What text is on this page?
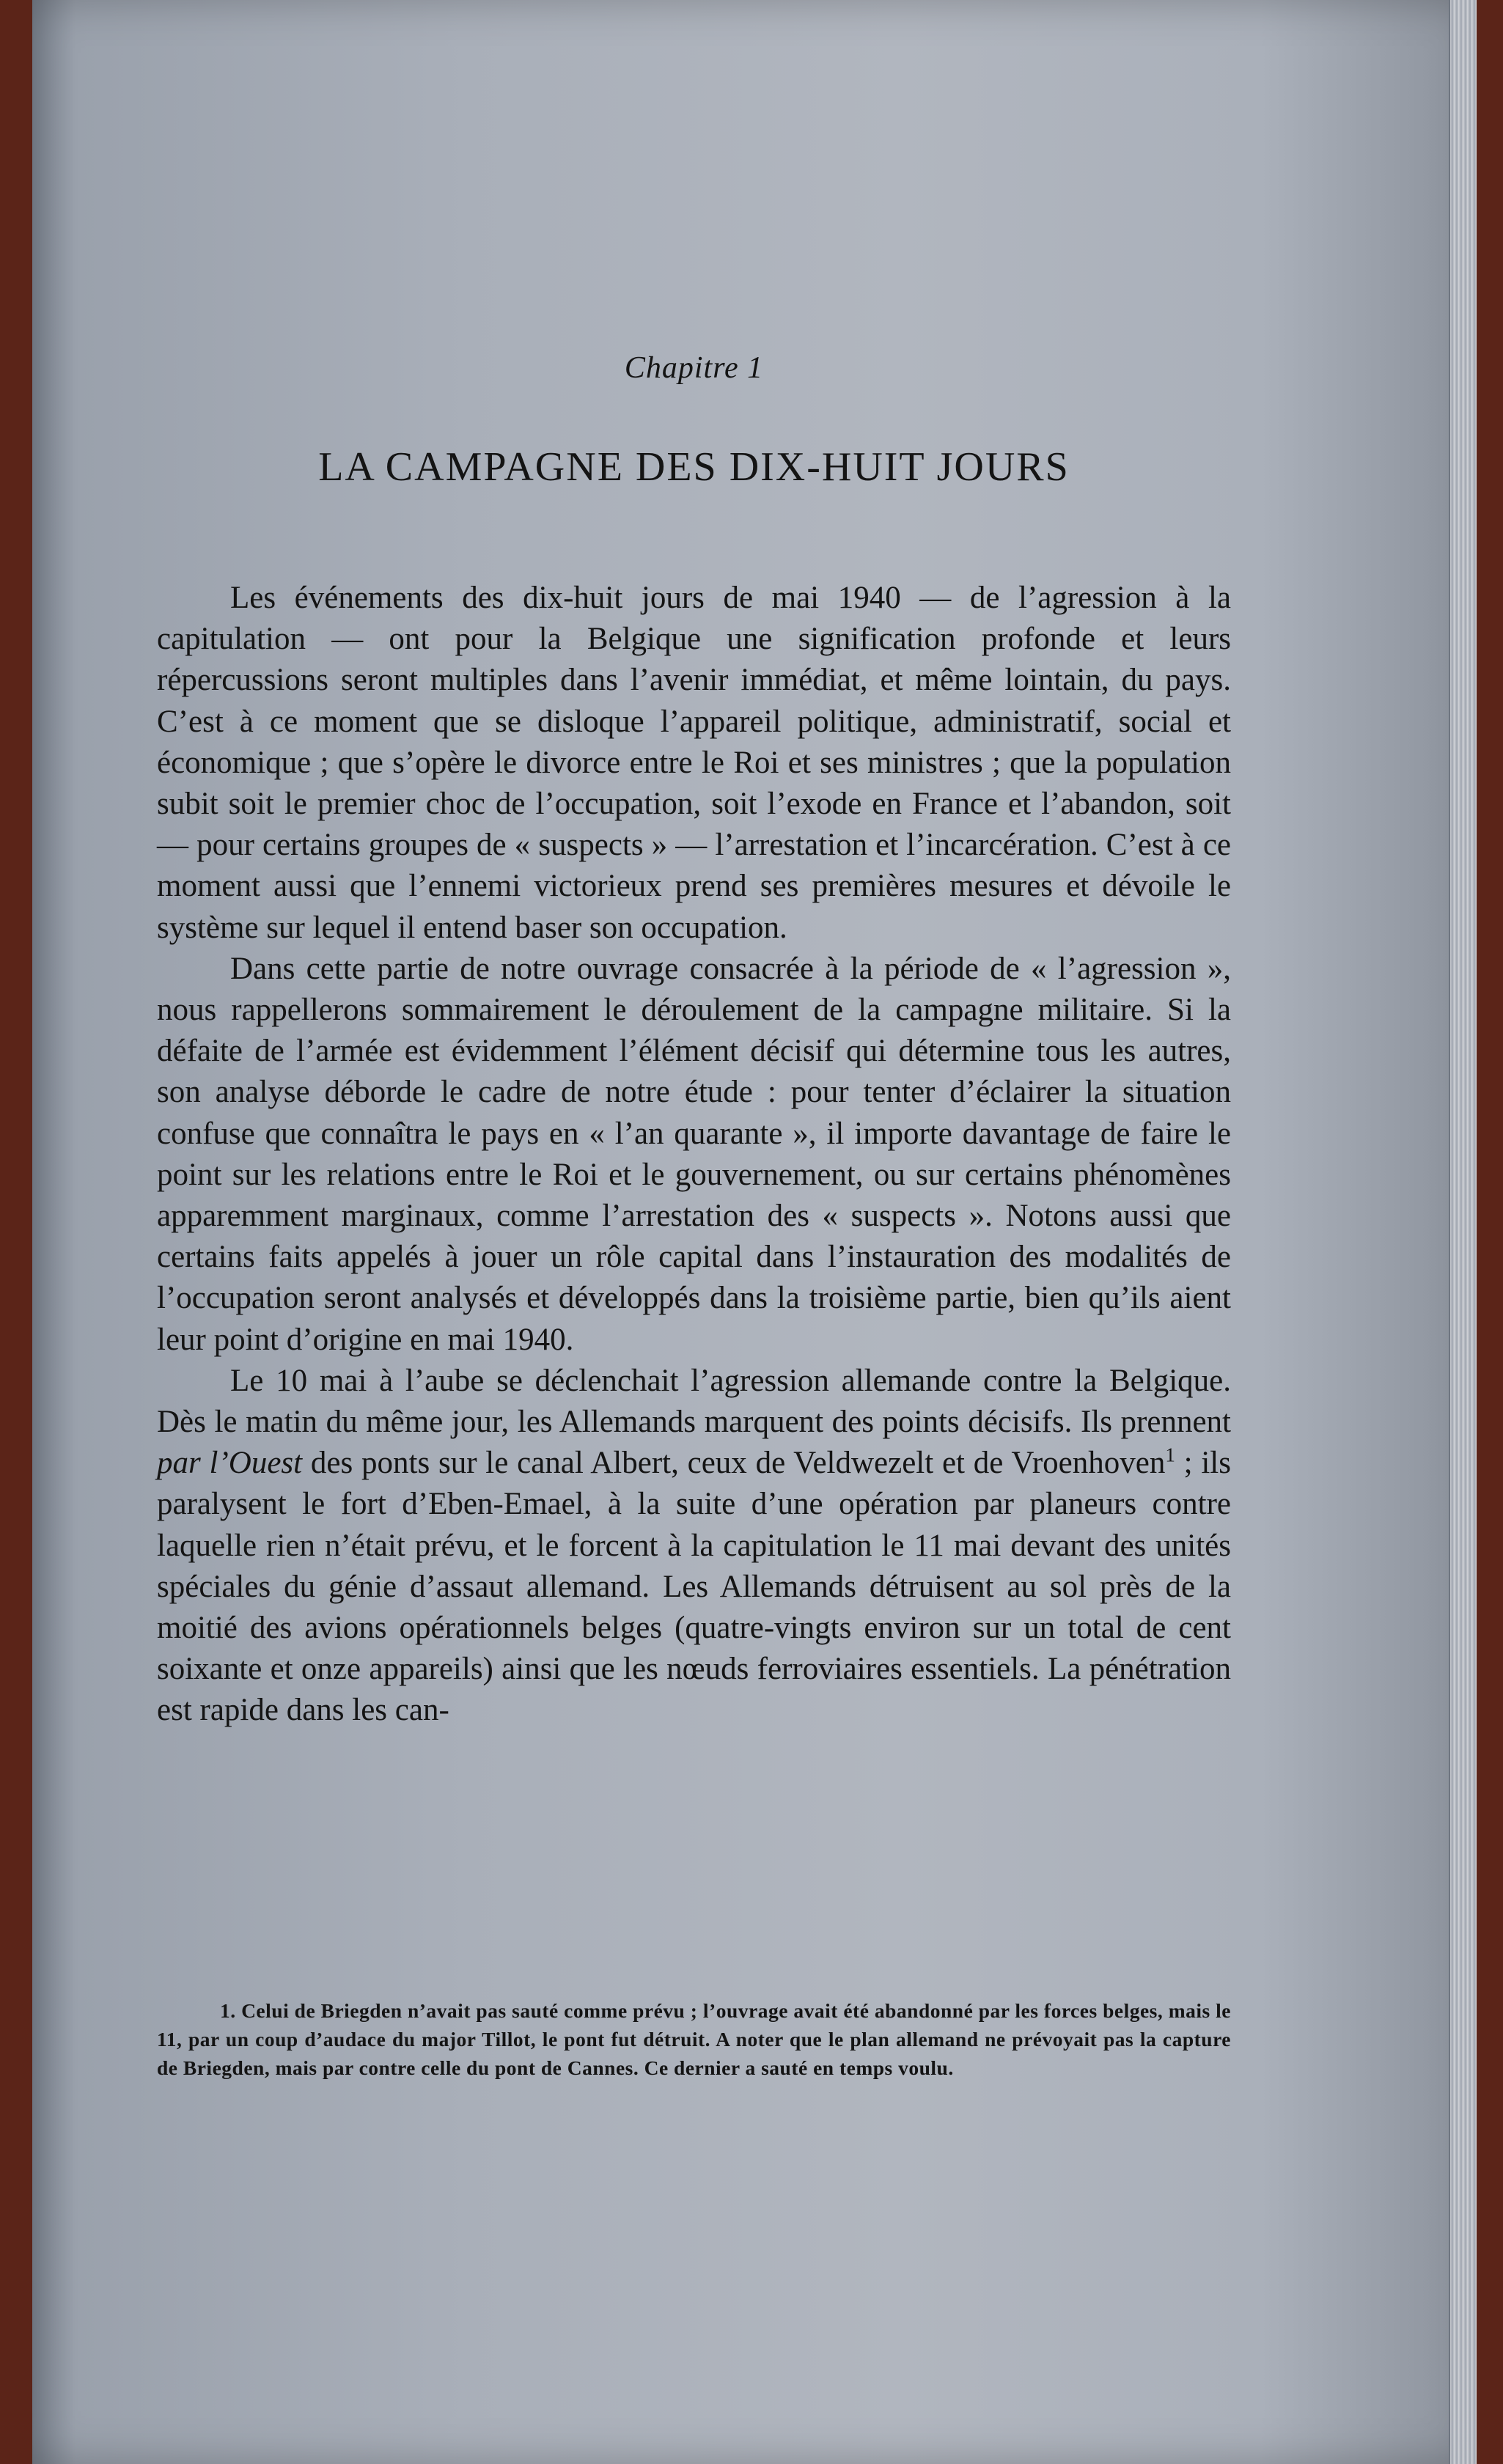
Chapitre 1
LA CAMPAGNE DES DIX-HUIT JOURS

Les événements des dix-huit jours de mai 1940 — de l’agression à la capitulation — ont pour la Belgique une signification profonde et leurs répercussions seront multiples dans l’avenir immédiat, et même lointain, du pays. C’est à ce moment que se disloque l’appareil politique, administratif, social et économique ; que s’opère le divorce entre le Roi et ses ministres ; que la population subit soit le premier choc de l’occupation, soit l’exode en France et l’abandon, soit — pour certains groupes de « suspects » — l’arrestation et l’incarcération. C’est à ce moment aussi que l’ennemi victorieux prend ses premières mesures et dévoile le système sur lequel il entend baser son occupation.

Dans cette partie de notre ouvrage consacrée à la période de « l’agression », nous rappellerons sommairement le déroulement de la campagne militaire. Si la défaite de l’armée est évidemment l’élément décisif qui détermine tous les autres, son analyse déborde le cadre de notre étude : pour tenter d’éclairer la situation confuse que connaîtra le pays en « l’an quarante », il importe davantage de faire le point sur les relations entre le Roi et le gouvernement, ou sur certains phénomènes apparemment marginaux, comme l’arrestation des « suspects ». Notons aussi que certains faits appelés à jouer un rôle capital dans l’instauration des modalités de l’occupation seront analysés et développés dans la troisième partie, bien qu’ils aient leur point d’origine en mai 1940.

Le 10 mai à l’aube se déclenchait l’agression allemande contre la Belgique. Dès le matin du même jour, les Allemands marquent des points décisifs. Ils prennent par l’Ouest des ponts sur le canal Albert, ceux de Veldwezelt et de Vroenhoven$^1$ ; ils paralysent le fort d’Eben-Emael, à la suite d’une opération par planeurs contre laquelle rien n’était prévu, et le forcent à la capitulation le 11 mai devant des unités spéciales du génie d’assaut allemand. Les Allemands détruisent au sol près de la moitié des avions opérationnels belges (quatre-vingts environ sur un total de cent soixante et onze appareils) ainsi que les nœuds ferroviaires essentiels. La pénétration est rapide dans les can-

1. Celui de Briegden n’avait pas sauté comme prévu ; l’ouvrage avait été abandonné par les forces belges, mais le 11, par un coup d’audace du major Tillot, le pont fut détruit. A noter que le plan allemand ne prévoyait pas la capture de Briegden, mais par contre celle du pont de Cannes. Ce dernier a sauté en temps voulu.
